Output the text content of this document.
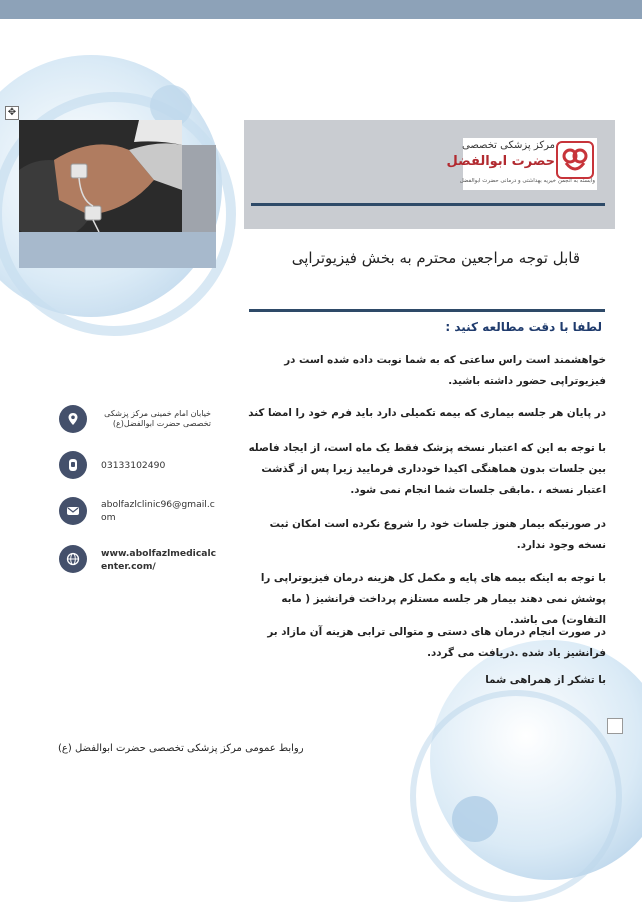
✥
مرکز پزشکی تخصصی
حضرت ابوالفضل
وابسته به انجمن خیریه بهداشتی و درمانی حضرت ابوالفضل
قابل توجه مراجعین محترم به بخش فیزیوتراپی
لطفا با دقت مطالعه کنید :
خواهشمند است راس ساعتی که به شما نوبت داده شده است در فیزیوتراپی حضور داشته باشید.
در پایان هر جلسه بیماری که بیمه تکمیلی دارد باید فرم خود را امضا کند
با توجه به این که اعتبار نسخه پزشک فقط یک ماه است، از ایجاد فاصله بین جلسات بدون هماهنگی اکیدا خودداری فرمایید زیرا پس از گذشت اعتبار نسخه ، .مابقی جلسات شما انجام نمی شود.
در صورتیکه بیمار هنوز جلسات خود را شروع نکرده است امکان ثبت نسخه وجود ندارد.
با توجه به اینکه بیمه های پایه و مکمل کل هزینه درمان فیزیوتراپی را پوشش نمی دهند بیمار هر جلسه مستلزم پرداخت فرانشیز ( مابه التفاوت) می باشد.
در صورت انجام درمان های دستی و متوالی ترابی هزینه آن مازاد بر فرانشیز یاد شده .دریافت می گردد.
با تشکر از همراهی شما
خیابان امام خمینی مرکز پزشکی تخصصی حضرت ابوالفضل(ع)
03133102490
abolfazlclinic96@gmail.com
www.abolfazlmedicalcenter.com/
روابط عمومی مرکز پزشکی تخصصی حضرت ابوالفضل (ع)
